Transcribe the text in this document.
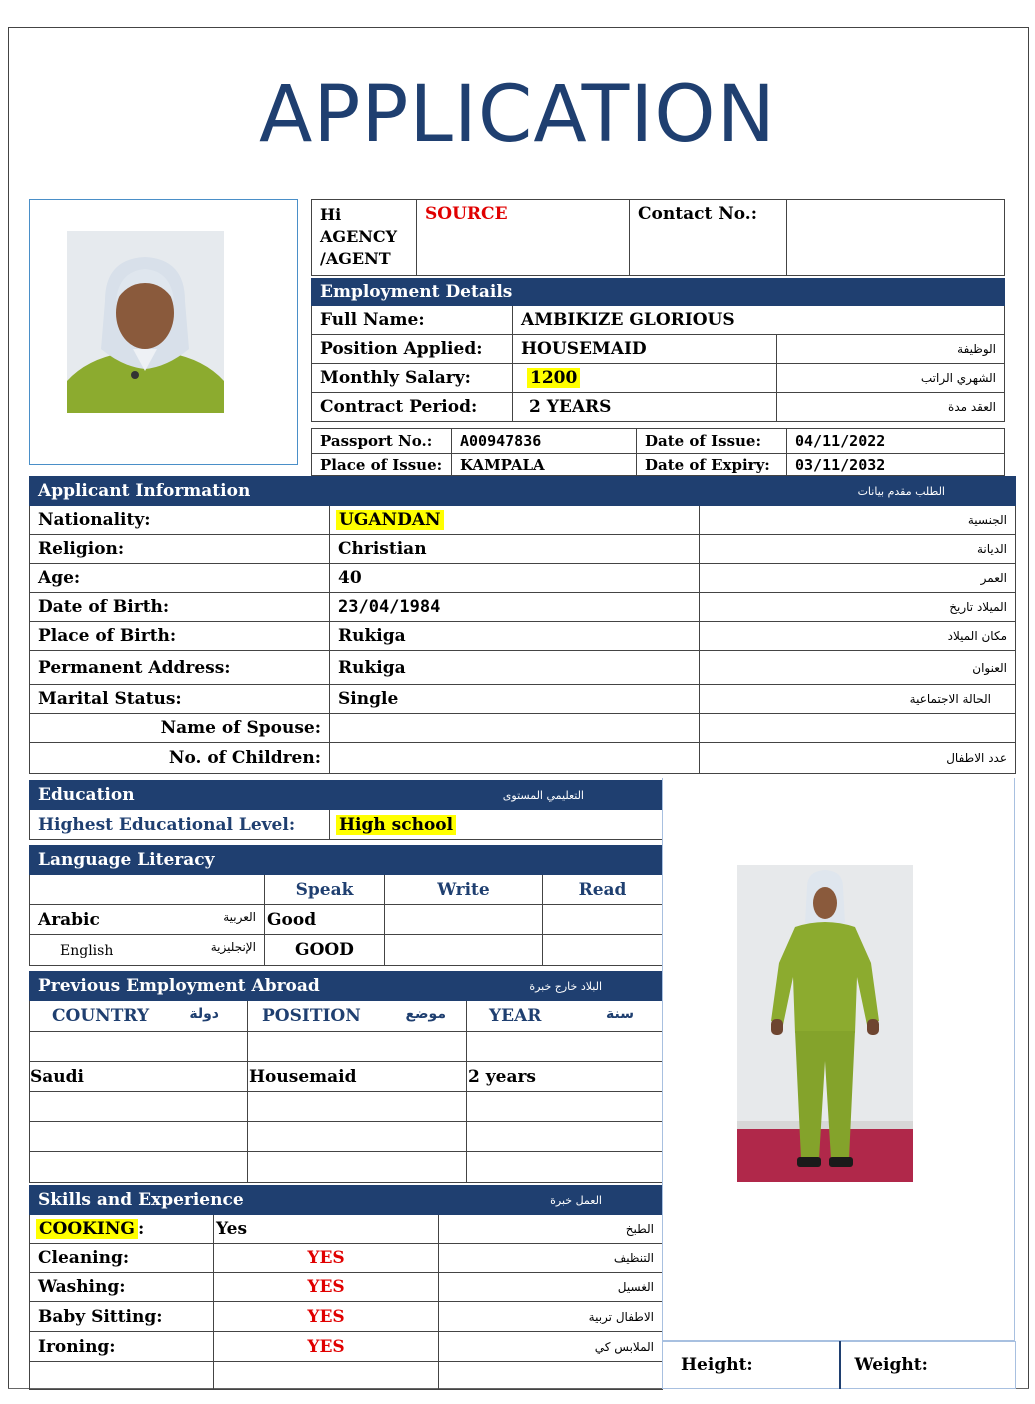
APPLICATION
Hi AGENCY /AGENT	SOURCE	Contact No.:	
Employment Details		
Full Name:	AMBIKIZE GLORIOUS	
Position Applied:	HOUSEMAID	الوظيفة
Monthly Salary:	1200	الشهري الراتب
Contract Period:	2 YEARS	العقد مدة
Passport No.:	A00947836	Date of Issue:	04/11/2022
Place of Issue:	KAMPALA	Date of Expiry:	03/11/2032
Applicant Information		الطلب مقدم بيانات
Nationality:	UGANDAN	الجنسية
Religion:	Christian	الديانة
Age:	40	العمر
Date of Birth:	23/04/1984	الميلاد تاريخ
Place of Birth:	Rukiga	مكان الميلاد
Permanent Address:	Rukiga	العنوان
Marital Status:	Single	الحالة الاجتماعية
Name of Spouse:		
No. of Children:		عدد الاطفال
Education	التعليمي المستوى
Highest Educational Level:	High school
Language Literacy			
	Speak	Write	Read
Arabic العربية	Good		
English الإنجليزية	GOOD		
Previous Employment Abroad		البلاد خارج خبرة
COUNTRY دولة	POSITION موضع	YEAR سنة

Saudi	Housemaid	2 years

Skills and Experience		العمل خبرة
COOKING :	Yes	الطبخ
Cleaning:	YES	التنظيف
Washing:	YES	الغسيل
Baby Sitting:	YES	الاطفال تربية
Ironing:	YES	الملابس كي

Height:	Weight:
